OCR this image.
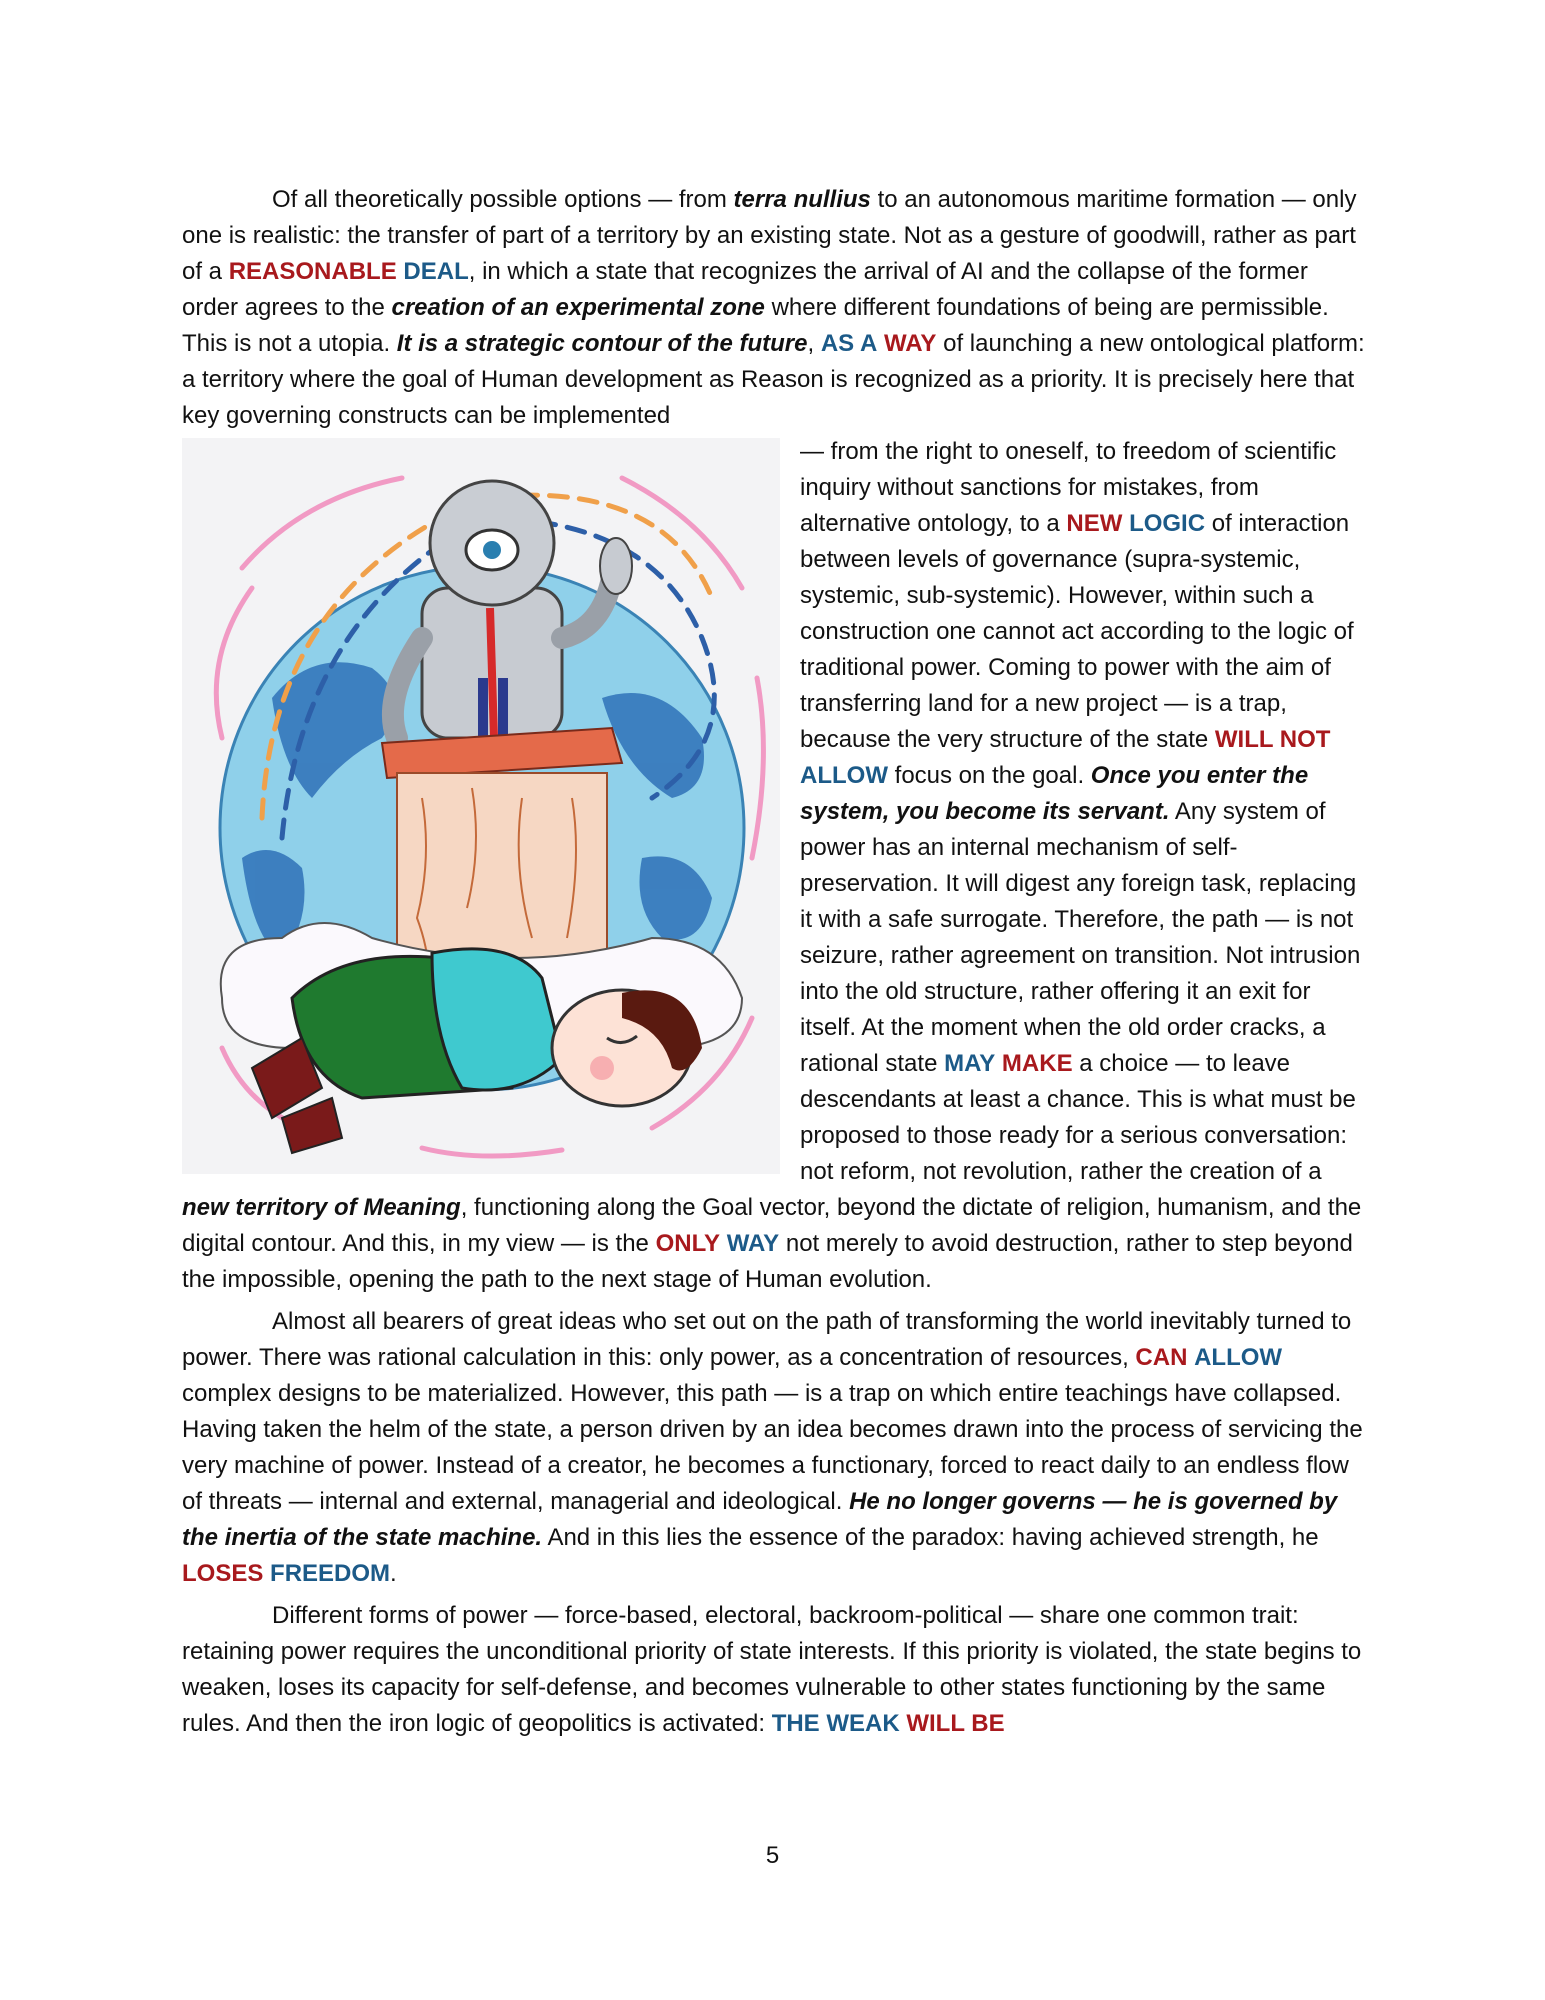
Of all theoretically possible options — from terra nullius to an autonomous maritime formation — only one is realistic: the transfer of part of a territory by an existing state. Not as a gesture of goodwill, rather as part of a REASONABLE DEAL, in which a state that recognizes the arrival of AI and the collapse of the former order agrees to the creation of an experimental zone where different foundations of being are permissible. This is not a utopia. It is a strategic contour of the future, AS A WAY of launching a new ontological platform: a territory where the goal of Human development as Reason is recognized as a priority. It is precisely here that key governing constructs can be implemented

— from the right to oneself, to freedom of scientific inquiry without sanctions for mistakes, from alternative ontology, to a NEW LOGIC of interaction between levels of governance (supra-systemic, systemic, sub-systemic). However, within such a construction one cannot act according to the logic of traditional power. Coming to power with the aim of transferring land for a new project — is a trap, because the very structure of the state WILL NOT ALLOW focus on the goal. Once you enter the system, you become its servant. Any system of power has an internal mechanism of self-preservation. It will digest any foreign task, replacing it with a safe surrogate. Therefore, the path — is not seizure, rather agreement on transition. Not intrusion into the old structure, rather offering it an exit for itself. At the moment when the old order cracks, a rational state MAY MAKE a choice — to leave descendants at least a chance. This is what must be proposed to those ready for a serious conversation: not reform, not revolution, rather the creation of a new territory of Meaning, functioning along the Goal vector, beyond the dictate of religion, humanism, and the digital contour. And this, in my view — is the ONLY WAY not merely to avoid destruction, rather to step beyond the impossible, opening the path to the next stage of Human evolution.

Almost all bearers of great ideas who set out on the path of transforming the world inevitably turned to power. There was rational calculation in this: only power, as a concentration of resources, CAN ALLOW complex designs to be materialized. However, this path — is a trap on which entire teachings have collapsed. Having taken the helm of the state, a person driven by an idea becomes drawn into the process of servicing the very machine of power. Instead of a creator, he becomes a functionary, forced to react daily to an endless flow of threats — internal and external, managerial and ideological. He no longer governs — he is governed by the inertia of the state machine. And in this lies the essence of the paradox: having achieved strength, he LOSES FREEDOM.

Different forms of power — force-based, electoral, backroom-political — share one common trait: retaining power requires the unconditional priority of state interests. If this priority is violated, the state begins to weaken, loses its capacity for self-defense, and becomes vulnerable to other states functioning by the same rules. And then the iron logic of geopolitics is activated: THE WEAK WILL BE

5
